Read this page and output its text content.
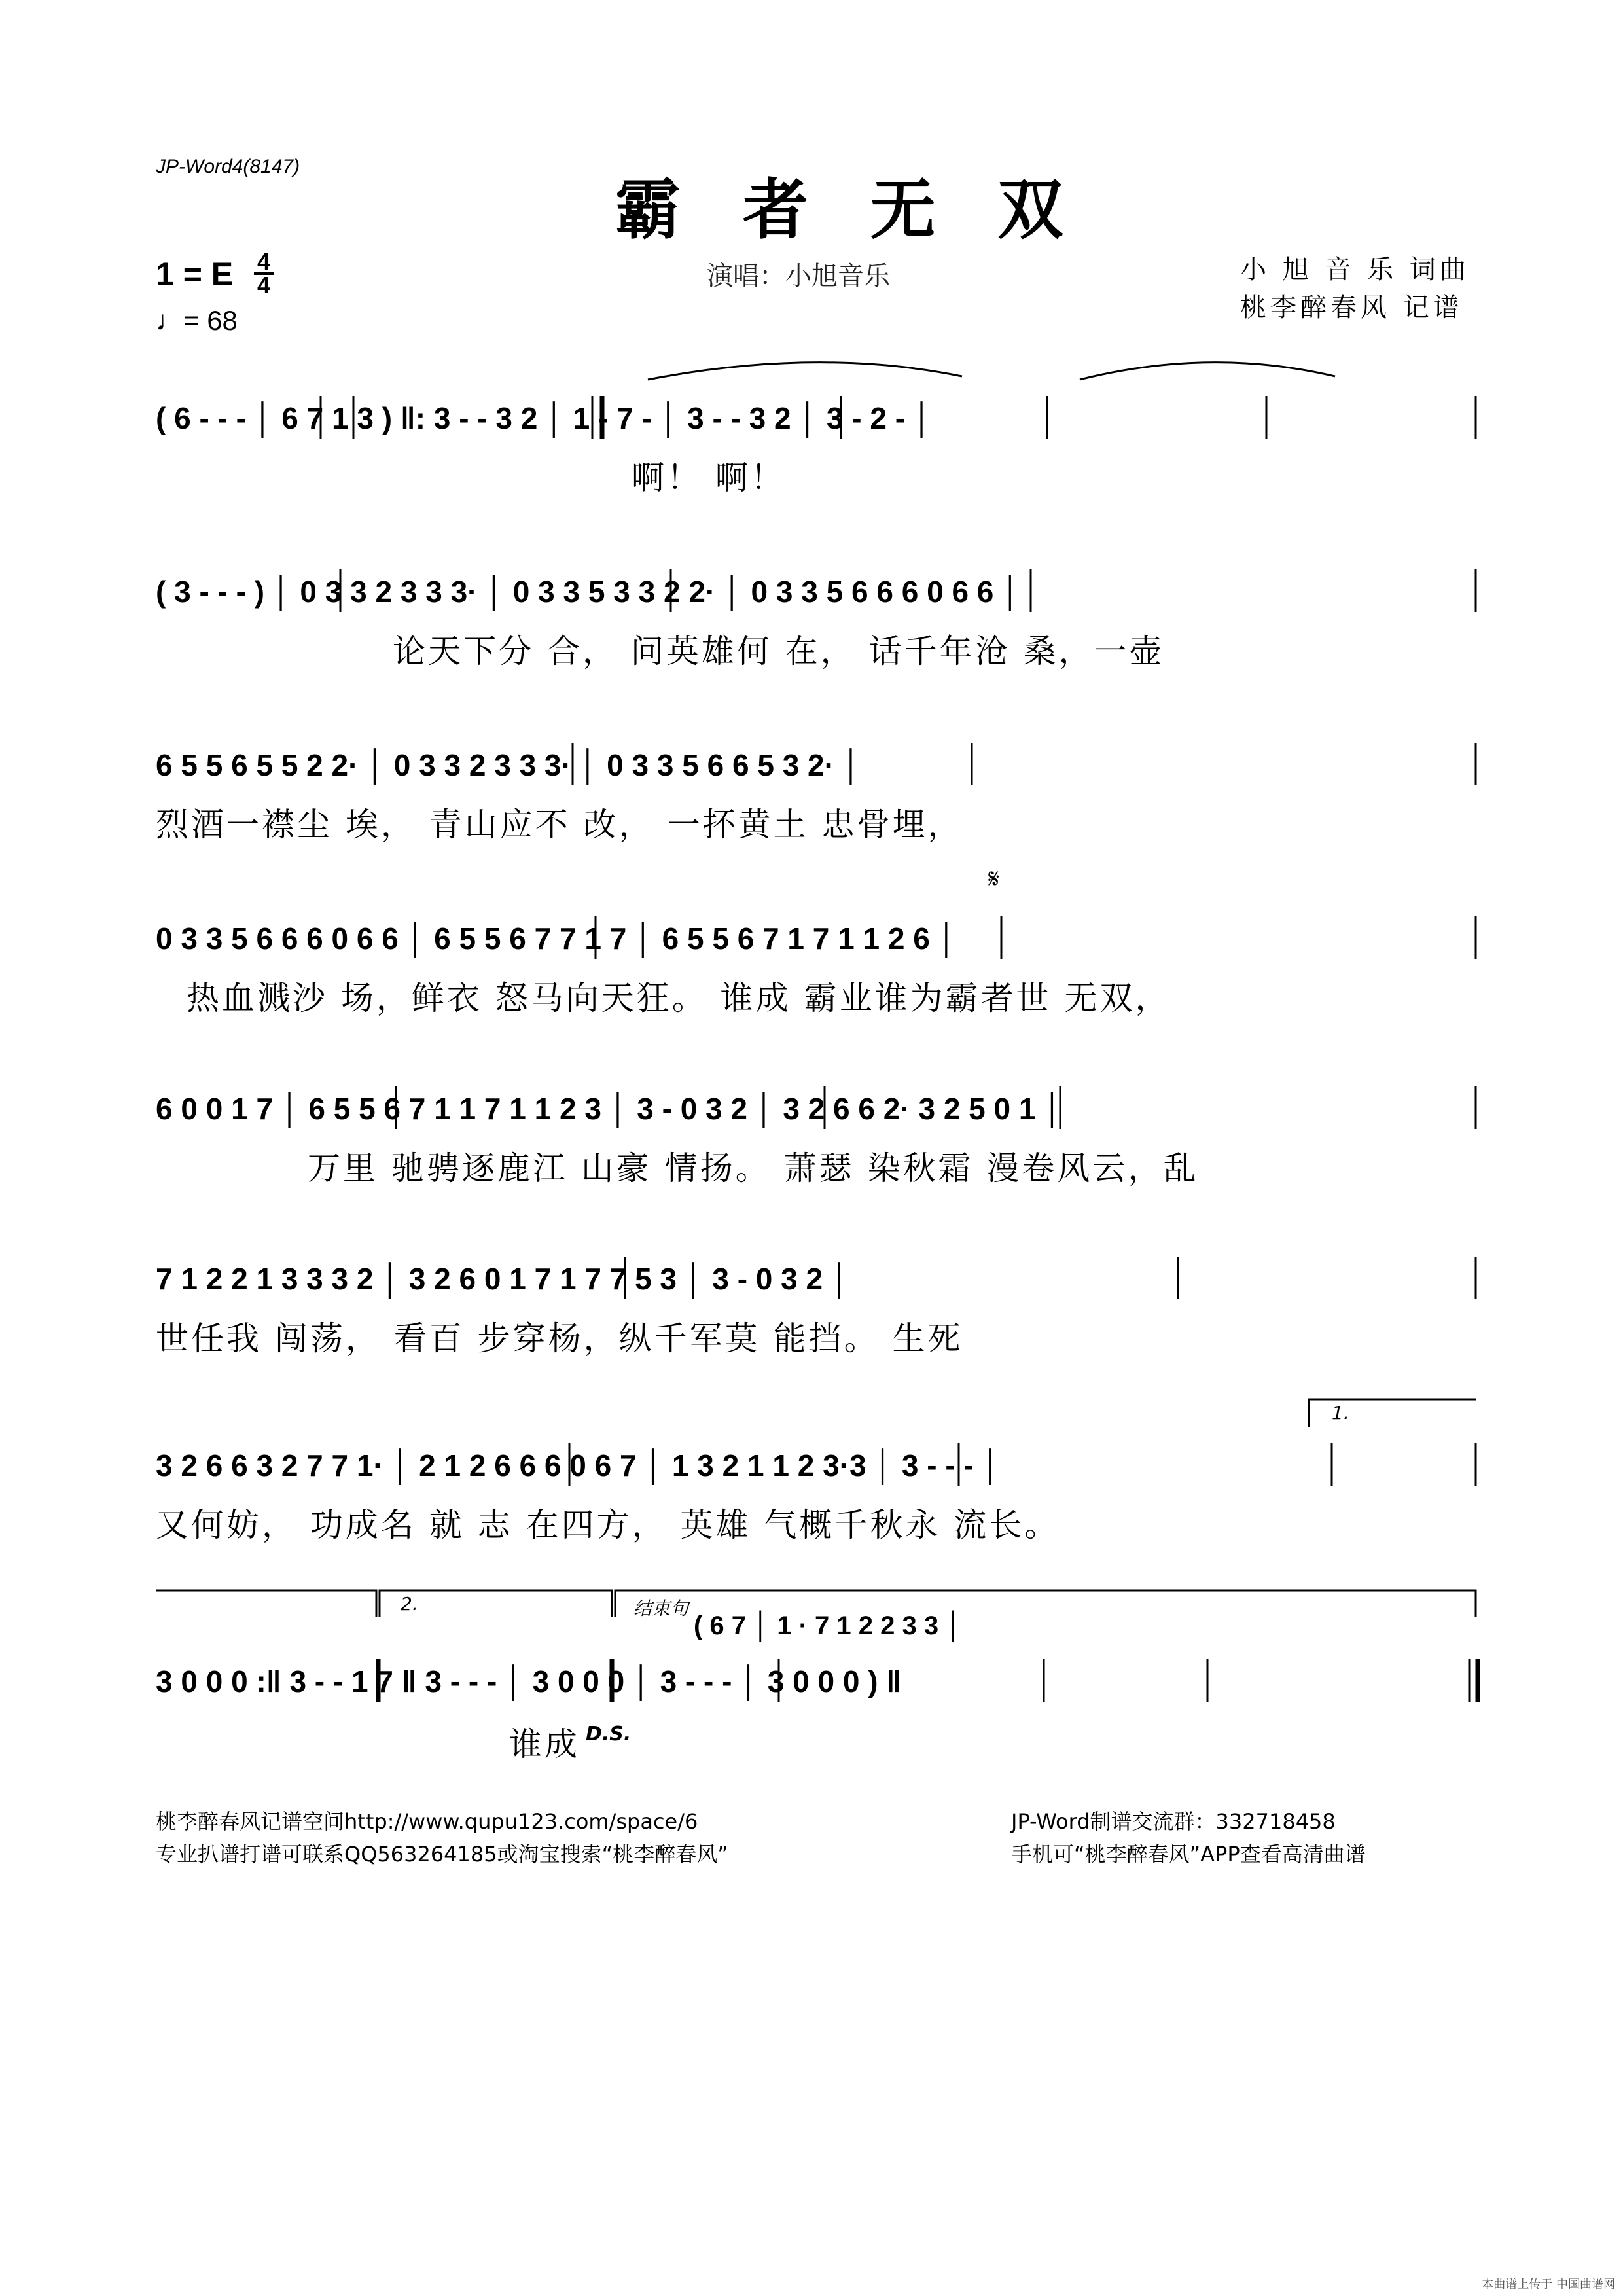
JP-Word4(8147)
霸 者 无 双
1 = E 4
4
♩= 68
演唱：小旭音乐	小 旭 音 乐 词曲
桃李醉春风 记谱
( 6 - - - │ 6 7 1 3 ) ‖: 3 - - 3 2 │ 1 - 7 - │ 3 - - 3 2 │ 3 - 2 - │
啊！ 啊！
( 3 - - - ) │ 0 3 3 2 3 3 3· │ 0 3 3 5 3 3 2 2· │ 0 3 3 5 6 6 6 0 6 6 │
论天下分 合， 问英雄何 在， 话千年沧 桑，一壶
6 5 5 6 5 5 2 2· │ 0 3 3 2 3 3 3· │ 0 3 3 5 6 6 5 3 2· │
烈酒一襟尘 埃， 青山应不 改， 一抔黄土 忠骨埋，
0 3 3 5 6 6 6 0 6 6 │ 6 5 5 6 7 7 1 7 │ 6 5 5 6 7 1 7 1 1 2 6 │
热血溅沙 场，鲜衣 怒马向天狂。 谁成 霸业谁为霸者世 无双，
𝄋
6 0 0 1 7 │ 6 5 5 6 7 1 1 7 1 1 2 3 │ 3 - 0 3 2 │ 3 2 6 6 2· 3 2 5 0 1 │
万里 驰骋逐鹿江 山豪 情扬。 萧瑟 染秋霜 漫卷风云，乱
7 1 2 2 1 3 3 3 2 │ 3 2 6 0 1 7 1 7 7 5 3 │ 3 - 0 3 2 │
世任我 闯荡， 看百 步穿杨，纵千军莫 能挡。 生死
3 2 6 6 3 2 7 7 1· │ 2 1 2 6 6 6 0 6 7 │ 1 3 2 1 1 2 3·3 │ 3 - - - │
又何妨， 功成名 就 志 在四方， 英雄 气概千秋永 流长。
1.
2.	结束句
( 6 7 │ 1 · 7 1 2 2 3 3 │
3 0 0 0 :‖ 3 - - 1 7 ‖ 3 - - - │ 3 0 0 0 │ 3 - - - │ 3 0 0 0 ) ‖
谁成 D.S.
桃李醉春风记谱空间http://www.qupu123.com/space/6
专业扒谱打谱可联系QQ563264185或淘宝搜索“桃李醉春风”
JP-Word制谱交流群：332718458
手机可“桃李醉春风”APP查看高清曲谱
本曲谱上传于 中国曲谱网
